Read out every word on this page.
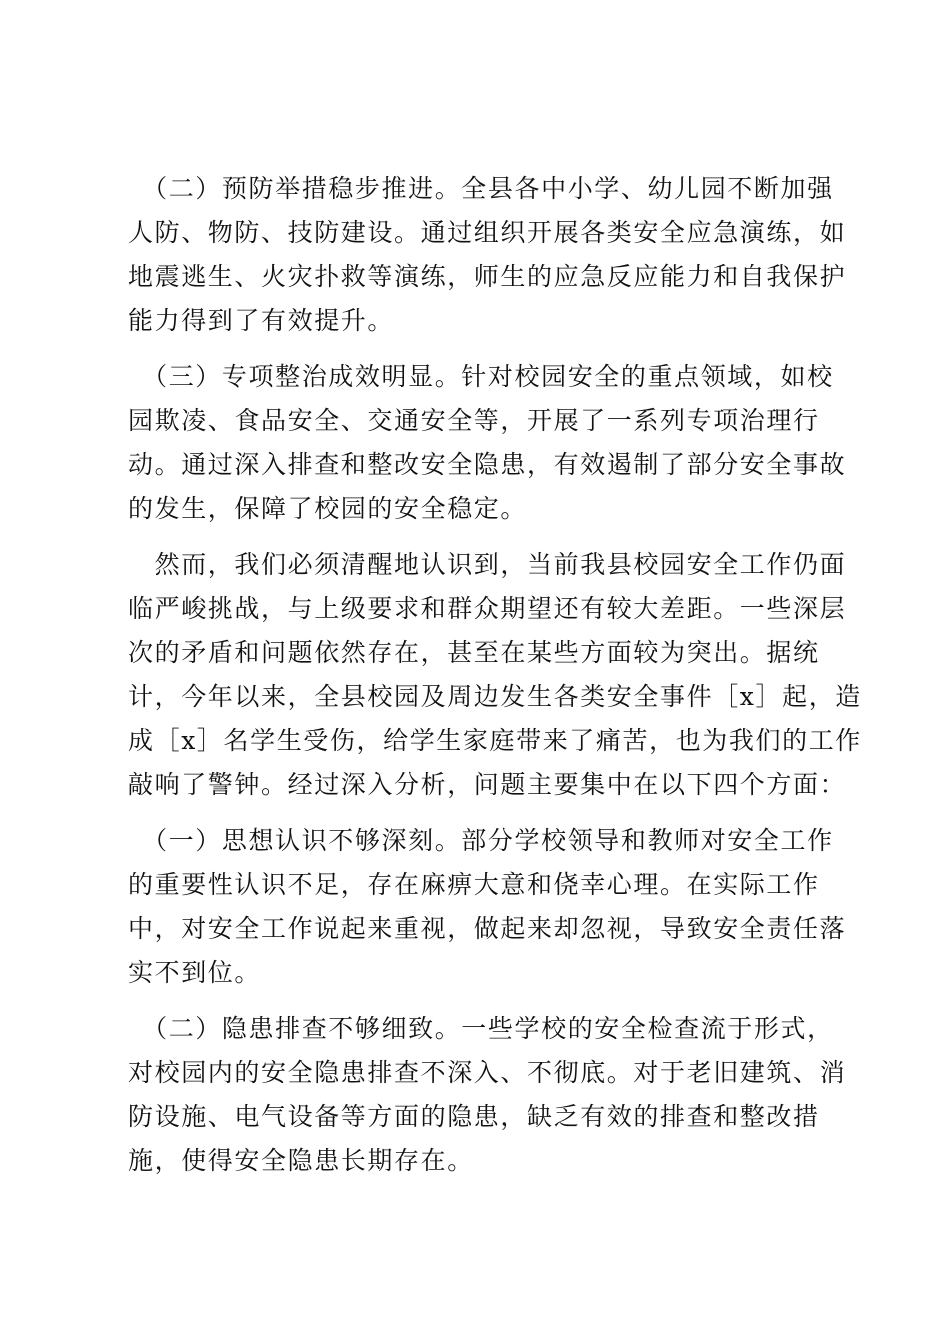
　（二）预防举措稳步推进。全县各中小学、幼儿园不断加强
人防、物防、技防建设。通过组织开展各类安全应急演练，如
地震逃生、火灾扑救等演练，师生的应急反应能力和自我保护
能力得到了有效提升。
　（三）专项整治成效明显。针对校园安全的重点领域，如校
园欺凌、食品安全、交通安全等，开展了一系列专项治理行
动。通过深入排查和整改安全隐患，有效遏制了部分安全事故
的发生，保障了校园的安全稳定。
　然而，我们必须清醒地认识到，当前我县校园安全工作仍面
临严峻挑战，与上级要求和群众期望还有较大差距。一些深层
次的矛盾和问题依然存在，甚至在某些方面较为突出。据统
计，今年以来，全县校园及周边发生各类安全事件［x］起，造
成［x］名学生受伤，给学生家庭带来了痛苦，也为我们的工作
敲响了警钟。经过深入分析，问题主要集中在以下四个方面：
　（一）思想认识不够深刻。部分学校领导和教师对安全工作
的重要性认识不足，存在麻痹大意和侥幸心理。在实际工作
中，对安全工作说起来重视，做起来却忽视，导致安全责任落
实不到位。
　（二）隐患排查不够细致。一些学校的安全检查流于形式，
对校园内的安全隐患排查不深入、不彻底。对于老旧建筑、消
防设施、电气设备等方面的隐患，缺乏有效的排查和整改措
施，使得安全隐患长期存在。
